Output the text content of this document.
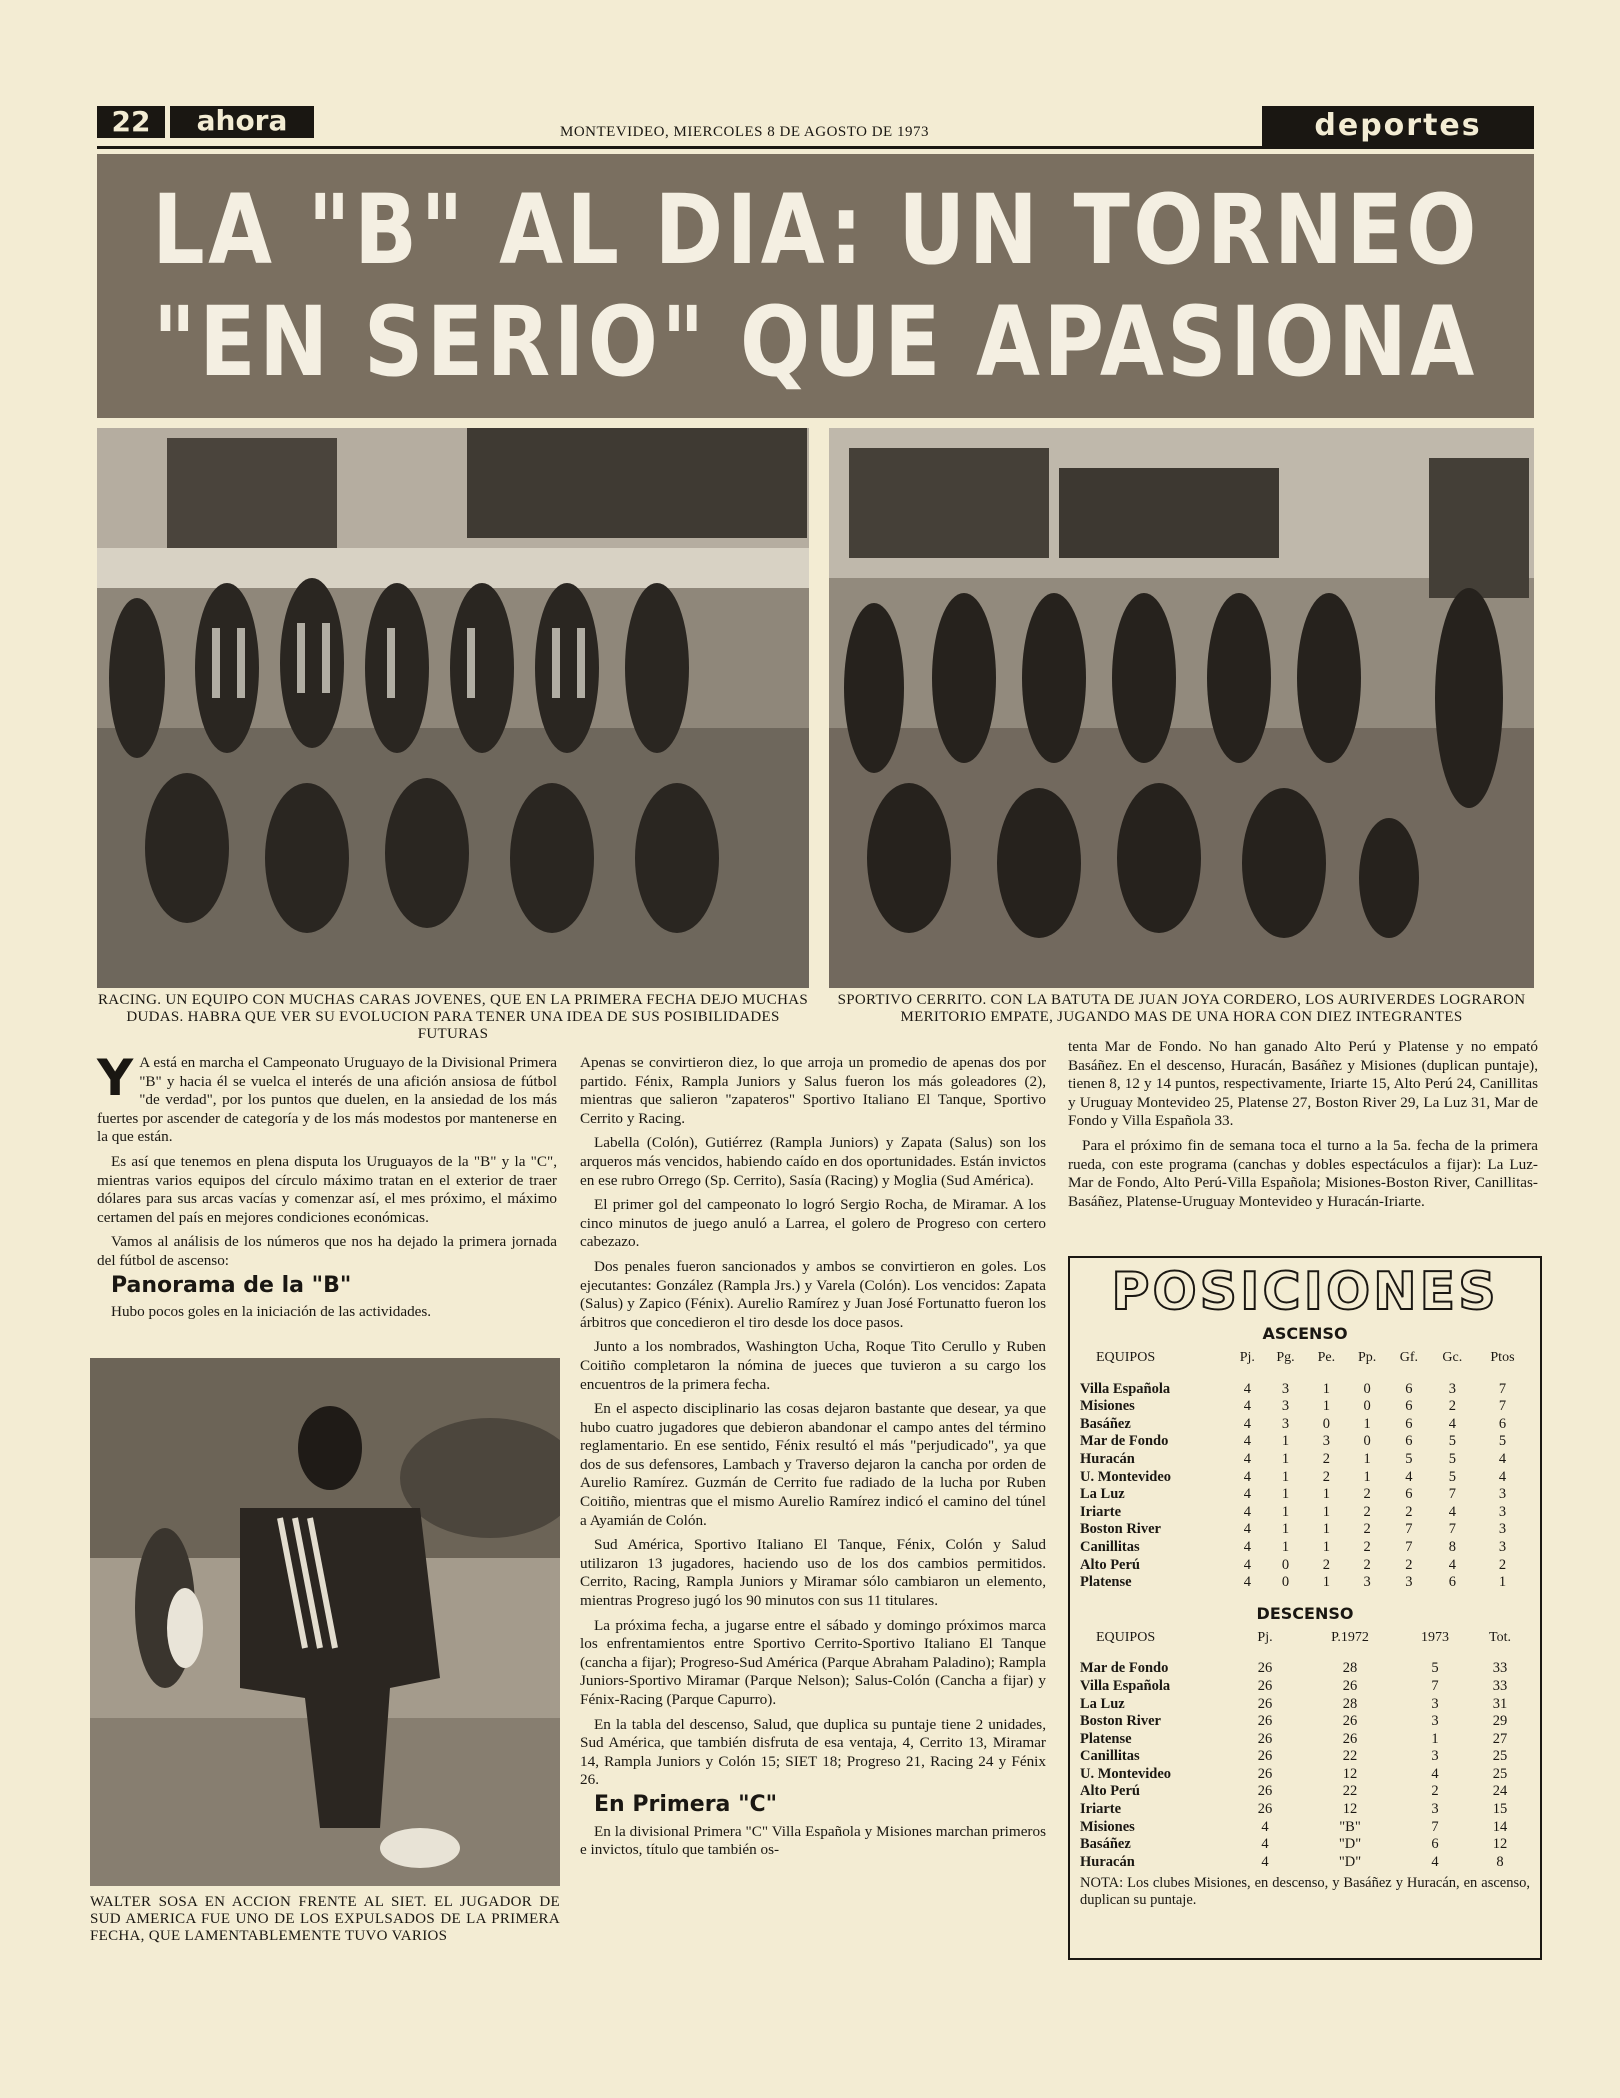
22	ahora	MONTEVIDEO, MIERCOLES 8 DE AGOSTO DE 1973	deportes
LA "B" AL DIA: UN TORNEO
"EN SERIO" QUE APASIONA
RACING. UN EQUIPO CON MUCHAS CARAS JOVENES, QUE EN LA PRIMERA FECHA DEJO MUCHAS DUDAS. HABRA QUE VER SU EVOLUCION PARA TENER UNA IDEA DE SUS POSIBILIDADES FUTURAS
SPORTIVO CERRITO. CON LA BATUTA DE JUAN JOYA CORDERO, LOS AURIVERDES LOGRARON MERITORIO EMPATE, JUGANDO MAS DE UNA HORA CON DIEZ INTEGRANTES

Y A está en marcha el Campeonato Uruguayo de la Divisional Primera "B" y hacia él se vuelca el interés de una afición ansiosa de fútbol "de verdad", por los puntos que duelen, en la ansiedad de los más fuertes por ascender de categoría y de los más modestos por mantenerse en la que están.

Es así que tenemos en plena disputa los Uruguayos de la "B" y la "C", mientras varios equipos del círculo máximo tratan en el exterior de traer dólares para sus arcas vacías y comenzar así, el mes próximo, el máximo certamen del país en mejores condiciones económicas.

Vamos al análisis de los números que nos ha dejado la primera jornada del fútbol de ascenso:

Panorama de la "B"

Hubo pocos goles en la iniciación de las actividades.

WALTER SOSA EN ACCION FRENTE AL SIET. EL JUGADOR DE SUD AMERICA FUE UNO DE LOS EXPULSADOS DE LA PRIMERA FECHA, QUE LAMENTABLEMENTE TUVO VARIOS

Apenas se convirtieron diez, lo que arroja un promedio de apenas dos por partido. Fénix, Rampla Juniors y Salus fueron los más goleadores (2), mientras que salieron "zapateros" Sportivo Italiano El Tanque, Sportivo Cerrito y Racing.

Labella (Colón), Gutiérrez (Rampla Juniors) y Zapata (Salus) son los arqueros más vencidos, habiendo caído en dos oportunidades. Están invictos en ese rubro Orrego (Sp. Cerrito), Sasía (Racing) y Moglia (Sud América).

El primer gol del campeonato lo logró Sergio Rocha, de Miramar. A los cinco minutos de juego anuló a Larrea, el golero de Progreso con certero cabezazo.

Dos penales fueron sancionados y ambos se convirtieron en goles. Los ejecutantes: González (Rampla Jrs.) y Varela (Colón). Los vencidos: Zapata (Salus) y Zapico (Fénix). Aurelio Ramírez y Juan José Fortunatto fueron los árbitros que concedieron el tiro desde los doce pasos.

Junto a los nombrados, Washington Ucha, Roque Tito Cerullo y Ruben Coitiño completaron la nómina de jueces que tuvieron a su cargo los encuentros de la primera fecha.

En el aspecto disciplinario las cosas dejaron bastante que desear, ya que hubo cuatro jugadores que debieron abandonar el campo antes del término reglamentario. En ese sentido, Fénix resultó el más "perjudicado", ya que dos de sus defensores, Lambach y Traverso dejaron la cancha por orden de Aurelio Ramírez. Guzmán de Cerrito fue radiado de la lucha por Ruben Coitiño, mientras que el mismo Aurelio Ramírez indicó el camino del túnel a Ayamián de Colón.

Sud América, Sportivo Italiano El Tanque, Fénix, Colón y Salud utilizaron 13 jugadores, haciendo uso de los dos cambios permitidos. Cerrito, Racing, Rampla Juniors y Miramar sólo cambiaron un elemento, mientras Progreso jugó los 90 minutos con sus 11 titulares.

La próxima fecha, a jugarse entre el sábado y domingo próximos marca los enfrentamientos entre Sportivo Cerrito-Sportivo Italiano El Tanque (cancha a fijar); Progreso-Sud América (Parque Abraham Paladino); Rampla Juniors-Sportivo Miramar (Parque Nelson); Salus-Colón (Cancha a fijar) y Fénix-Racing (Parque Capurro).

En la tabla del descenso, Salud, que duplica su puntaje tiene 2 unidades, Sud América, que también disfruta de esa ventaja, 4, Cerrito 13, Miramar 14, Rampla Juniors y Colón 15; SIET 18; Progreso 21, Racing 24 y Fénix 26.

En Primera "C"

En la divisional Primera "C" Villa Española y Misiones marchan primeros e invictos, título que también os-

tenta Mar de Fondo. No han ganado Alto Perú y Platense y no empató Basáñez. En el descenso, Huracán, Basáñez y Misiones (duplican puntaje), tienen 8, 12 y 14 puntos, respectivamente, Iriarte 15, Alto Perú 24, Canillitas y Uruguay Montevideo 25, Platense 27, Boston River 29, La Luz 31, Mar de Fondo y Villa Española 33.

Para el próximo fin de semana toca el turno a la 5a. fecha de la primera rueda, con este programa (canchas y dobles espectáculos a fijar): La Luz-Mar de Fondo, Alto Perú-Villa Española; Misiones-Boston River, Canillitas-Basáñez, Platense-Uruguay Montevideo y Huracán-Iriarte.

POSICIONES
ASCENSO
EQUIPOS	Pj.	Pg.	Pe.	Pp.	Gf.	Gc.	Ptos
Villa Española	4	3	1	0	6	3	7
Misiones	4	3	1	0	6	2	7
Basáñez	4	3	0	1	6	4	6
Mar de Fondo	4	1	3	0	6	5	5
Huracán	4	1	2	1	5	5	4
U. Montevideo	4	1	2	1	4	5	4
La Luz	4	1	1	2	6	7	3
Iriarte	4	1	1	2	2	4	3
Boston River	4	1	1	2	7	7	3
Canillitas	4	1	1	2	7	8	3
Alto Perú	4	0	2	2	2	4	2
Platense	4	0	1	3	3	6	1
DESCENSO
EQUIPOS	Pj.	P.1972	1973	Tot.
Mar de Fondo	26	28	5	33
Villa Española	26	26	7	33
La Luz	26	28	3	31
Boston River	26	26	3	29
Platense	26	26	1	27
Canillitas	26	22	3	25
U. Montevideo	26	12	4	25
Alto Perú	26	22	2	24
Iriarte	26	12	3	15
Misiones	4	"B"	7	14
Basáñez	4	"D"	6	12
Huracán	4	"D"	4	8
NOTA: Los clubes Misiones, en descenso, y Basáñez y Huracán, en ascenso, duplican su puntaje.
